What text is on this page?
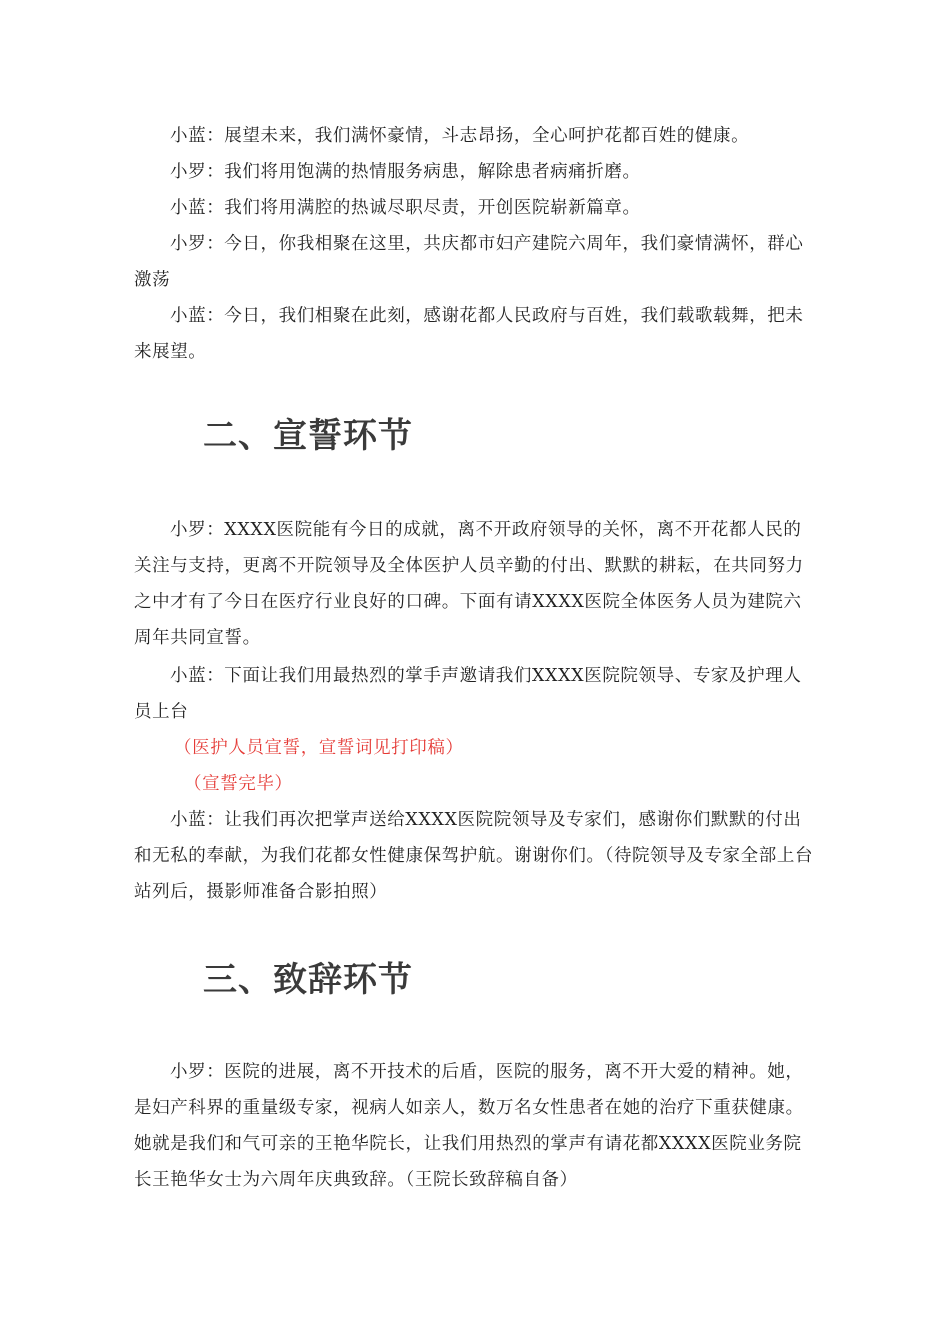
小蓝：展望未来，我们满怀豪情，斗志昂扬，全心呵护花都百姓的健康。

小罗：我们将用饱满的热情服务病患，解除患者病痛折磨。

小蓝：我们将用满腔的热诚尽职尽责，开创医院崭新篇章。

小罗：今日，你我相聚在这里，共庆都市妇产建院六周年，我们豪情满怀，群心激荡

小蓝：今日，我们相聚在此刻，感谢花都人民政府与百姓，我们载歌载舞，把未来展望。

二、宣誓环节

小罗：XXXX医院能有今日的成就，离不开政府领导的关怀，离不开花都人民的关注与支持，更离不开院领导及全体医护人员辛勤的付出、默默的耕耘，在共同努力之中才有了今日在医疗行业良好的口碑。下面有请XXXX医院全体医务人员为建院六周年共同宣誓。

小蓝：下面让我们用最热烈的掌手声邀请我们XXXX医院院领导、专家及护理人员上台

（医护人员宣誓，宣誓词见打印稿）

（宣誓完毕）

小蓝：让我们再次把掌声送给XXXX医院院领导及专家们，感谢你们默默的付出和无私的奉献，为我们花都女性健康保驾护航。谢谢你们。（待院领导及专家全部上台站列后，摄影师准备合影拍照）

三、致辞环节

小罗：医院的进展，离不开技术的后盾，医院的服务，离不开大爱的精神。她，是妇产科界的重量级专家，视病人如亲人，数万名女性患者在她的治疗下重获健康。她就是我们和气可亲的王艳华院长，让我们用热烈的掌声有请花都XXXX医院业务院长王艳华女士为六周年庆典致辞。（王院长致辞稿自备）
